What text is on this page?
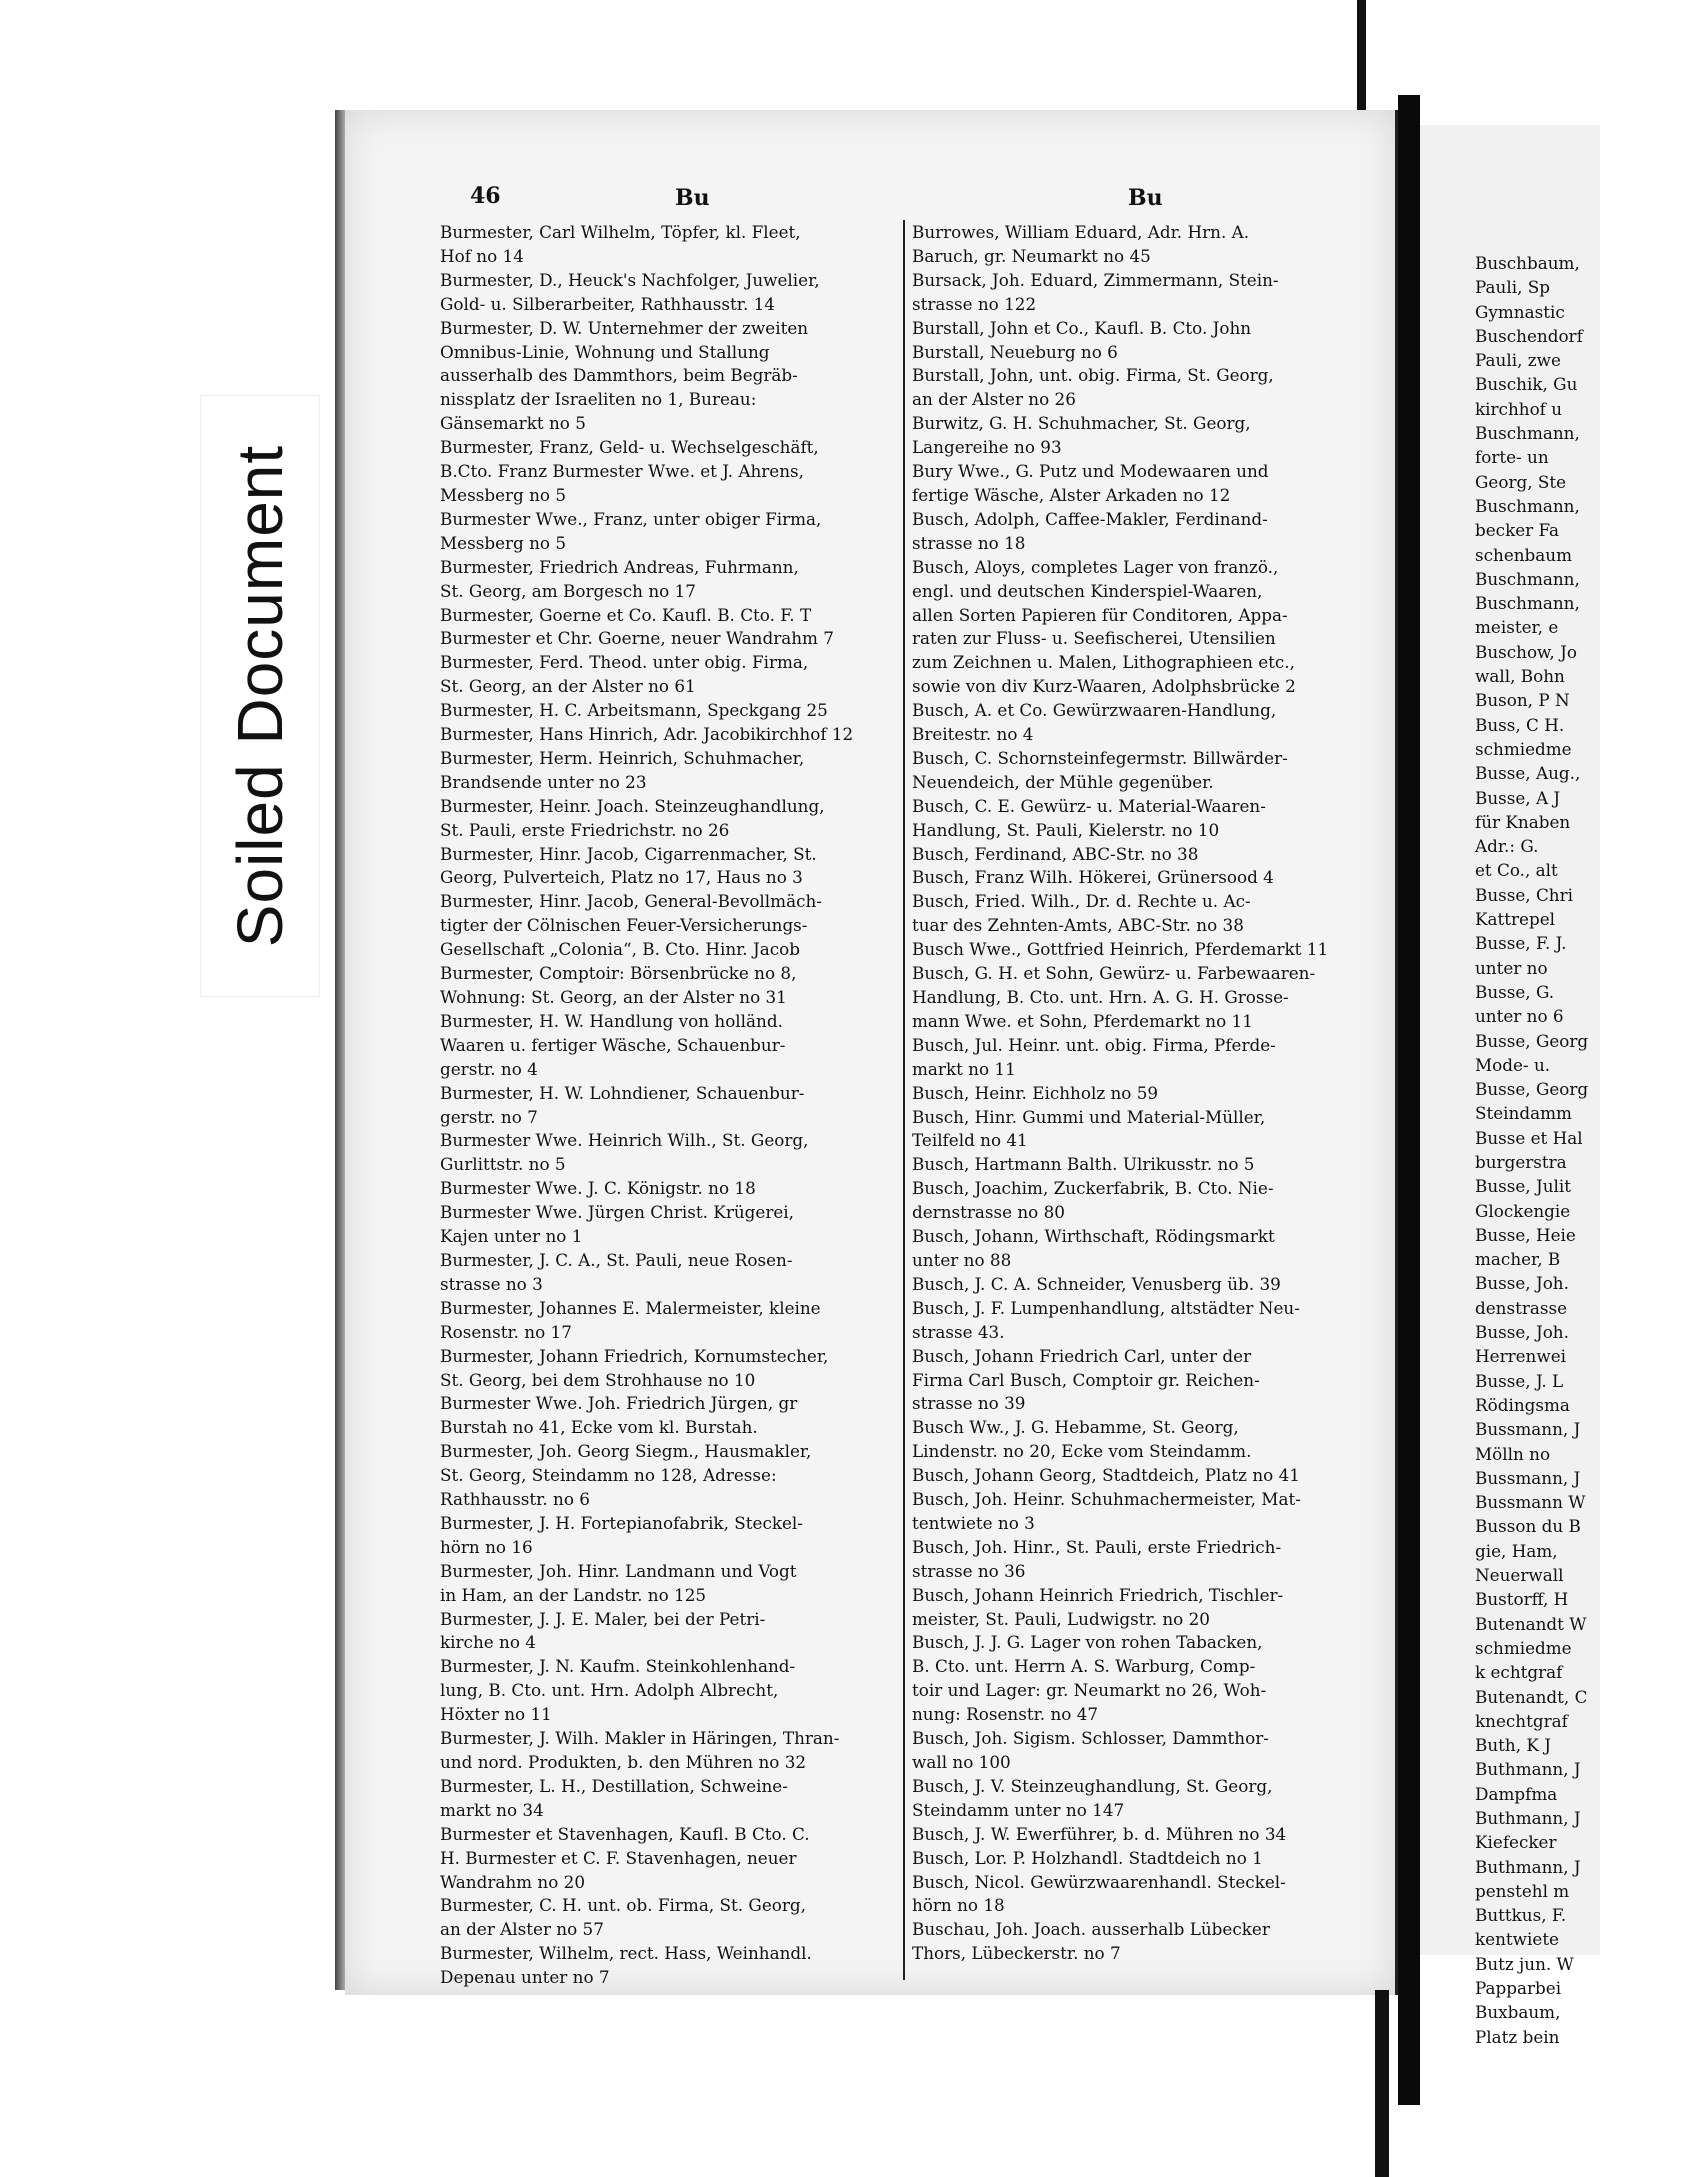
46	Bu	Bu
Burmester, Carl Wilhelm, Töpfer, kl. Fleet,
Hof no 14
Burmester, D., Heuck's Nachfolger, Juwelier,
Gold- u. Silberarbeiter, Rathhausstr. 14
Burmester, D. W. Unternehmer der zweiten
Omnibus-Linie, Wohnung und Stallung
ausserhalb des Dammthors, beim Begräb-
nissplatz der Israeliten no 1, Bureau:
Gänsemarkt no 5
Burmester, Franz, Geld- u. Wechselgeschäft,
B.Cto. Franz Burmester Wwe. et J. Ahrens,
Messberg no 5
Burmester Wwe., Franz, unter obiger Firma,
Messberg no 5
Burmester, Friedrich Andreas, Fuhrmann,
St. Georg, am Borgesch no 17
Burmester, Goerne et Co. Kaufl. B. Cto. F. T
Burmester et Chr. Goerne, neuer Wandrahm 7
Burmester, Ferd. Theod. unter obig. Firma,
St. Georg, an der Alster no 61
Burmester, H. C. Arbeitsmann, Speckgang 25
Burmester, Hans Hinrich, Adr. Jacobikirchhof 12
Burmester, Herm. Heinrich, Schuhmacher,
Brandsende unter no 23
Burmester, Heinr. Joach. Steinzeughandlung,
St. Pauli, erste Friedrichstr. no 26
Burmester, Hinr. Jacob, Cigarrenmacher, St.
Georg, Pulverteich, Platz no 17, Haus no 3
Burmester, Hinr. Jacob, General-Bevollmäch-
tigter der Cölnischen Feuer-Versicherungs-
Gesellschaft „Colonia“, B. Cto. Hinr. Jacob
Burmester, Comptoir: Börsenbrücke no 8,
Wohnung: St. Georg, an der Alster no 31
Burmester, H. W. Handlung von holländ.
Waaren u. fertiger Wäsche, Schauenbur-
gerstr. no 4
Burmester, H. W. Lohndiener, Schauenbur-
gerstr. no 7
Burmester Wwe. Heinrich Wilh., St. Georg,
Gurlittstr. no 5
Burmester Wwe. J. C. Königstr. no 18
Burmester Wwe. Jürgen Christ. Krügerei,
Kajen unter no 1
Burmester, J. C. A., St. Pauli, neue Rosen-
strasse no 3
Burmester, Johannes E. Malermeister, kleine
Rosenstr. no 17
Burmester, Johann Friedrich, Kornumstecher,
St. Georg, bei dem Strohhause no 10
Burmester Wwe. Joh. Friedrich Jürgen, gr
Burstah no 41, Ecke vom kl. Burstah.
Burmester, Joh. Georg Siegm., Hausmakler,
St. Georg, Steindamm no 128, Adresse:
Rathhausstr. no 6
Burmester, J. H. Fortepianofabrik, Steckel-
hörn no 16
Burmester, Joh. Hinr. Landmann und Vogt
in Ham, an der Landstr. no 125
Burmester, J. J. E. Maler, bei der Petri-
kirche no 4
Burmester, J. N. Kaufm. Steinkohlenhand-
lung, B. Cto. unt. Hrn. Adolph Albrecht,
Höxter no 11
Burmester, J. Wilh. Makler in Häringen, Thran-
und nord. Produkten, b. den Mühren no 32
Burmester, L. H., Destillation, Schweine-
markt no 34
Burmester et Stavenhagen, Kaufl. B Cto. C.
H. Burmester et C. F. Stavenhagen, neuer
Wandrahm no 20
Burmester, C. H. unt. ob. Firma, St. Georg,
an der Alster no 57
Burmester, Wilhelm, rect. Hass, Weinhandl.
Depenau unter no 7
Burrowes, William Eduard, Adr. Hrn. A.
Baruch, gr. Neumarkt no 45
Bursack, Joh. Eduard, Zimmermann, Stein-
strasse no 122
Burstall, John et Co., Kaufl. B. Cto. John
Burstall, Neueburg no 6
Burstall, John, unt. obig. Firma, St. Georg,
an der Alster no 26
Burwitz, G. H. Schuhmacher, St. Georg,
Langereihe no 93
Bury Wwe., G. Putz und Modewaaren und
fertige Wäsche, Alster Arkaden no 12
Busch, Adolph, Caffee-Makler, Ferdinand-
strasse no 18
Busch, Aloys, completes Lager von franzö.,
engl. und deutschen Kinderspiel-Waaren,
allen Sorten Papieren für Conditoren, Appa-
raten zur Fluss- u. Seefischerei, Utensilien
zum Zeichnen u. Malen, Lithographieen etc.,
sowie von div Kurz-Waaren, Adolphsbrücke 2
Busch, A. et Co. Gewürzwaaren-Handlung,
Breitestr. no 4
Busch, C. Schornsteinfegermstr. Billwärder-
Neuendeich, der Mühle gegenüber.
Busch, C. E. Gewürz- u. Material-Waaren-
Handlung, St. Pauli, Kielerstr. no 10
Busch, Ferdinand, ABC-Str. no 38
Busch, Franz Wilh. Hökerei, Grünersood 4
Busch, Fried. Wilh., Dr. d. Rechte u. Ac-
tuar des Zehnten-Amts, ABC-Str. no 38
Busch Wwe., Gottfried Heinrich, Pferdemarkt 11
Busch, G. H. et Sohn, Gewürz- u. Farbewaaren-
Handlung, B. Cto. unt. Hrn. A. G. H. Grosse-
mann Wwe. et Sohn, Pferdemarkt no 11
Busch, Jul. Heinr. unt. obig. Firma, Pferde-
markt no 11
Busch, Heinr. Eichholz no 59
Busch, Hinr. Gummi und Material-Müller,
Teilfeld no 41
Busch, Hartmann Balth. Ulrikusstr. no 5
Busch, Joachim, Zuckerfabrik, B. Cto. Nie-
dernstrasse no 80
Busch, Johann, Wirthschaft, Rödingsmarkt
unter no 88
Busch, J. C. A. Schneider, Venusberg üb. 39
Busch, J. F. Lumpenhandlung, altstädter Neu-
strasse 43.
Busch, Johann Friedrich Carl, unter der
Firma Carl Busch, Comptoir gr. Reichen-
strasse no 39
Busch Ww., J. G. Hebamme, St. Georg,
Lindenstr. no 20, Ecke vom Steindamm.
Busch, Johann Georg, Stadtdeich, Platz no 41
Busch, Joh. Heinr. Schuhmachermeister, Mat-
tentwiete no 3
Busch, Joh. Hinr., St. Pauli, erste Friedrich-
strasse no 36
Busch, Johann Heinrich Friedrich, Tischler-
meister, St. Pauli, Ludwigstr. no 20
Busch, J. J. G. Lager von rohen Tabacken,
B. Cto. unt. Herrn A. S. Warburg, Comp-
toir und Lager: gr. Neumarkt no 26, Woh-
nung: Rosenstr. no 47
Busch, Joh. Sigism. Schlosser, Dammthor-
wall no 100
Busch, J. V. Steinzeughandlung, St. Georg,
Steindamm unter no 147
Busch, J. W. Ewerführer, b. d. Mühren no 34
Busch, Lor. P. Holzhandl. Stadtdeich no 1
Busch, Nicol. Gewürzwaarenhandl. Steckel-
hörn no 18
Buschau, Joh. Joach. ausserhalb Lübecker
Thors, Lübeckerstr. no 7
Buschbaum,
Pauli, Sp
Gymnastic
Buschendorf
Pauli, zwe
Buschik, Gu
kirchhof u
Buschmann,
forte- un
Georg, Ste
Buschmann,
becker Fa
schenbaum
Buschmann,
Buschmann,
meister, e
Buschow, Jo
wall, Bohn
Buson, P N
Buss, C H.
schmiedme
Busse, Aug.,
Busse, A J
für Knaben
Adr.: G.
et Co., alt
Busse, Chri
Kattrepel
Busse, F. J.
unter no
Busse, G.
unter no 6
Busse, Georg
Mode- u.
Busse, Georg
Steindamm
Busse et Hal
burgerstra
Busse, Julit
Glockengie
Busse, Heie
macher, B
Busse, Joh.
denstrasse
Busse, Joh.
Herrenwei
Busse, J. L
Rödingsma
Bussmann, J
Mölln no
Bussmann, J
Bussmann W
Busson du B
gie, Ham,
Neuerwall
Bustorff, H
Butenandt W
schmiedme
k echtgraf
Butenandt, C
knechtgraf
Buth, K J
Buthmann, J
Dampfma
Buthmann, J
Kiefecker
Buthmann, J
penstehl m
Buttkus, F.
kentwiete
Butz jun. W
Papparbei
Buxbaum,
Platz bein
Soiled Document
